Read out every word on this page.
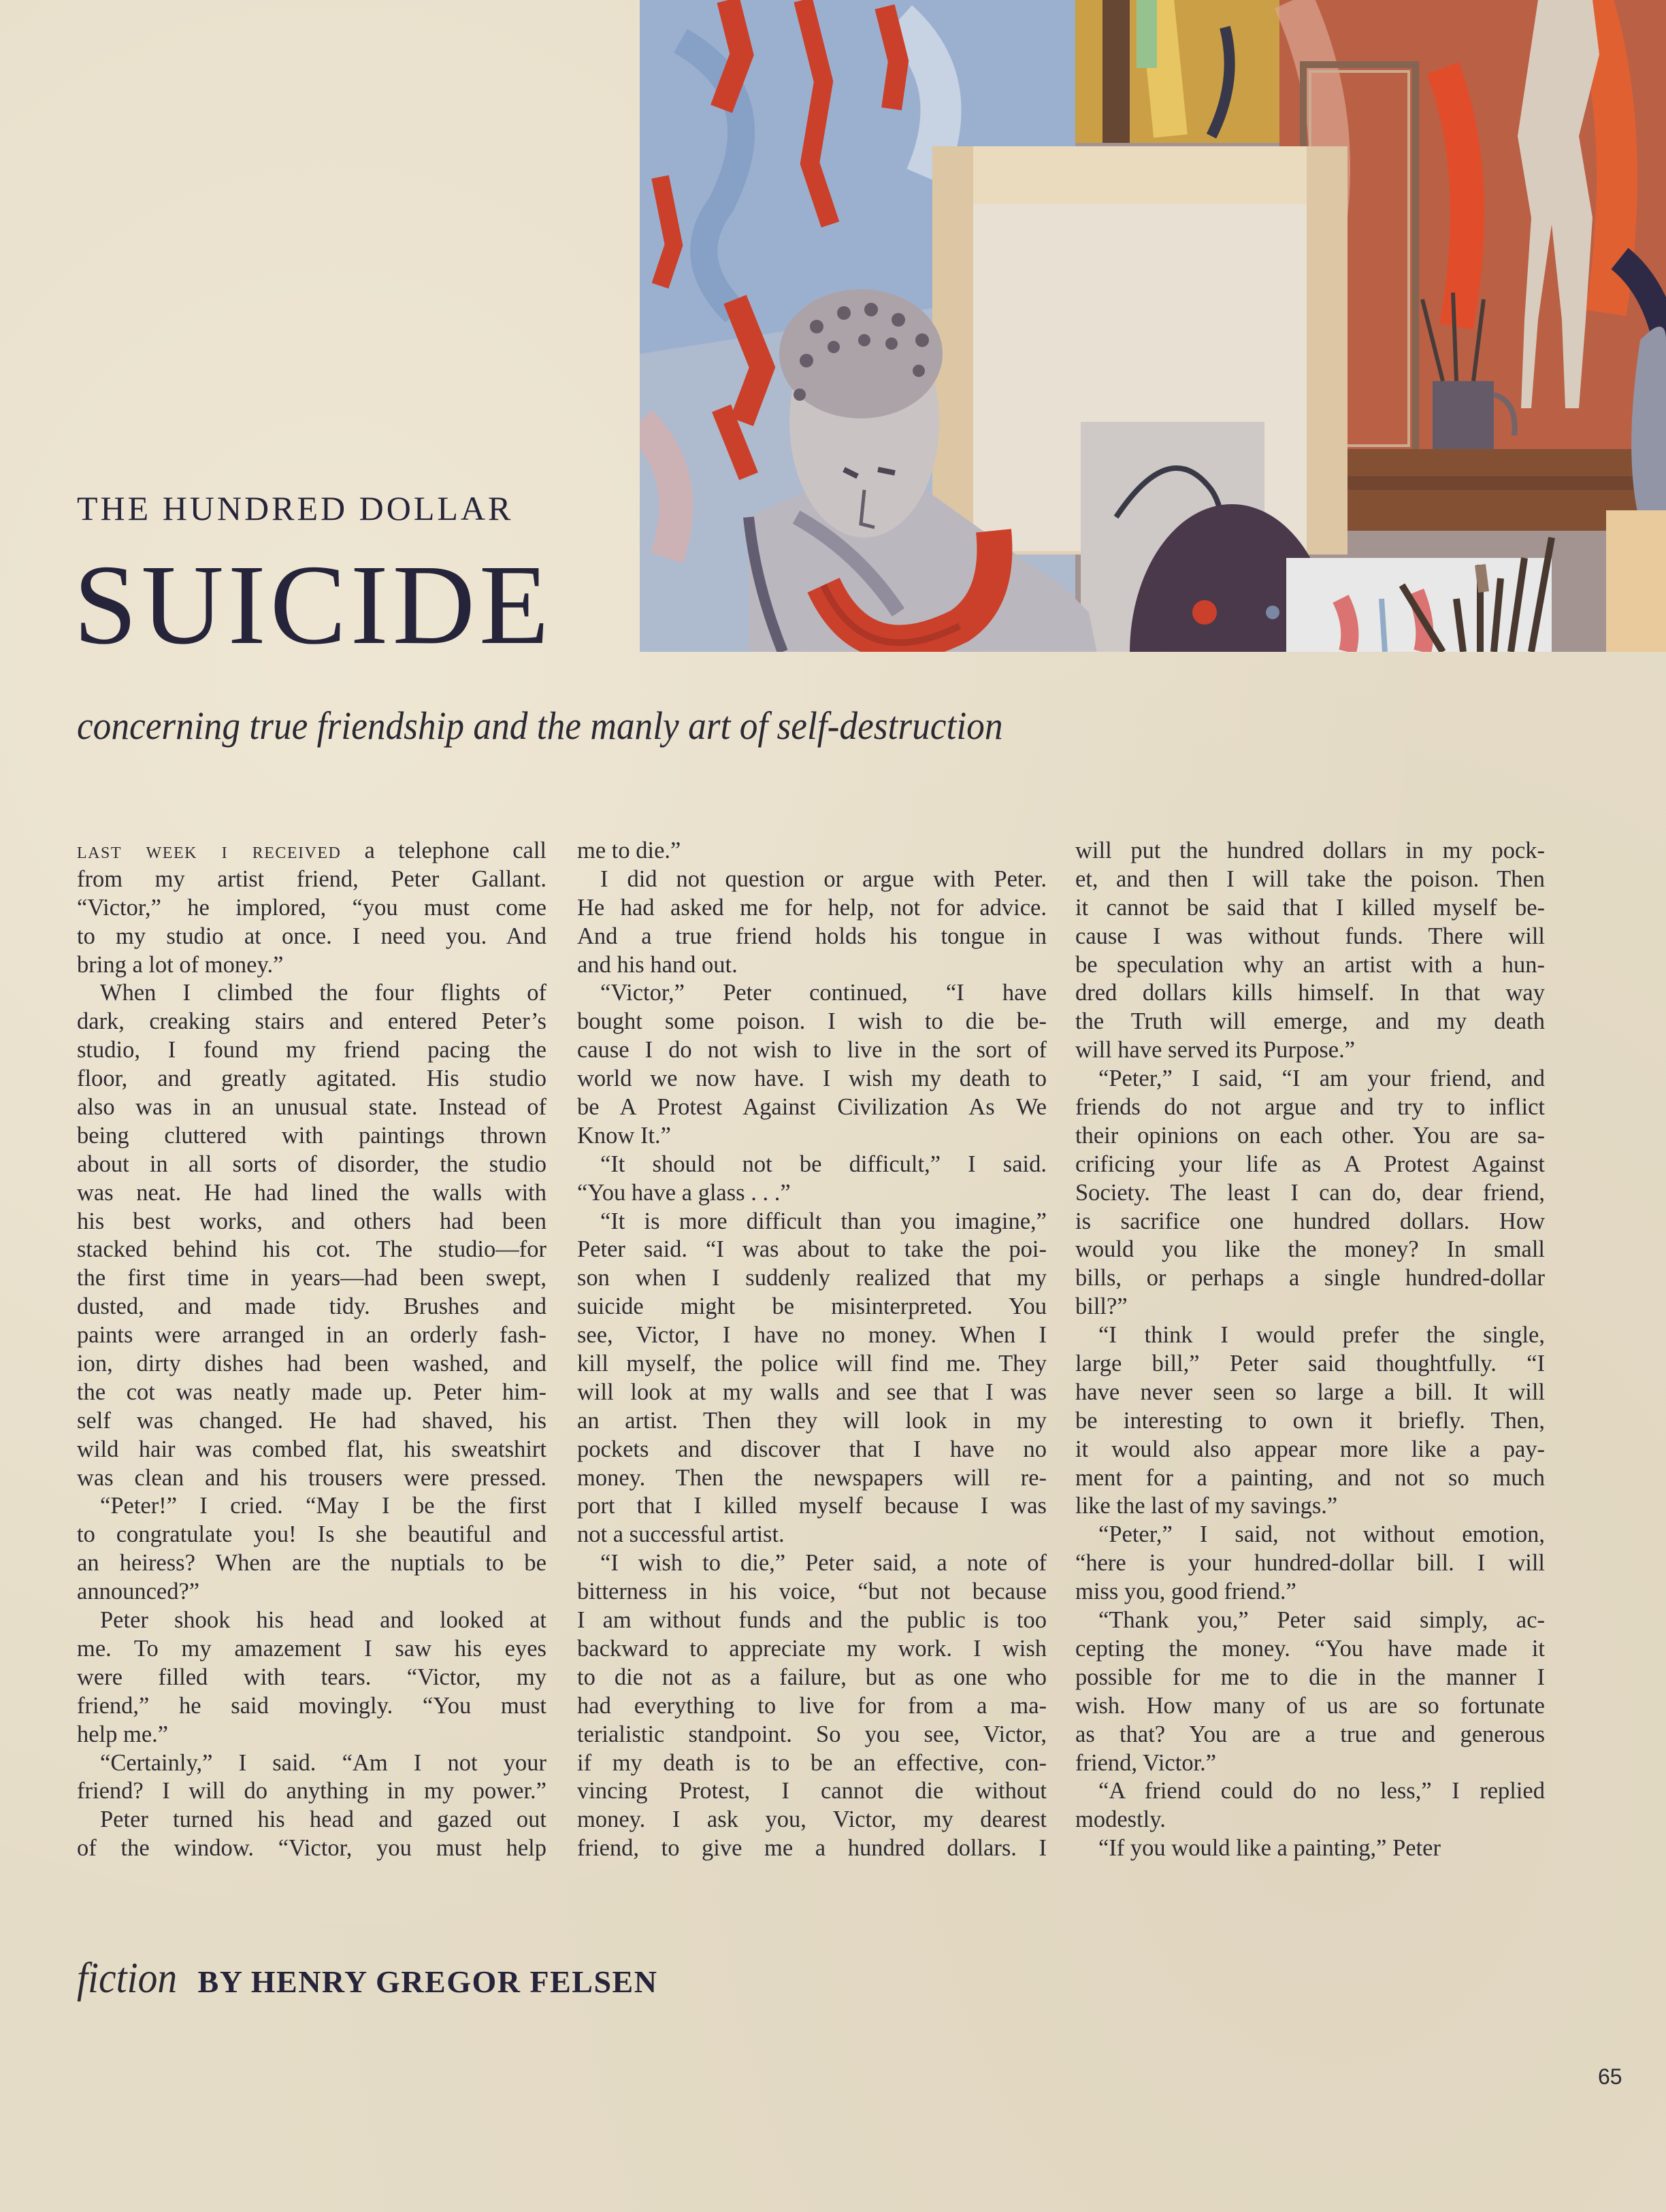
THE HUNDRED DOLLAR
SUICIDE
concerning true friendship and the manly art of self-destruction
last week i received a telephone call
from my artist friend, Peter Gallant.
“Victor,” he implored, “you must come
to my studio at once. I need you. And
bring a lot of money.”
When I climbed the four flights of
dark, creaking stairs and entered Peter’s
studio, I found my friend pacing the
floor, and greatly agitated. His studio
also was in an unusual state. Instead of
being cluttered with paintings thrown
about in all sorts of disorder, the studio
was neat. He had lined the walls with
his best works, and others had been
stacked behind his cot. The studio—for
the first time in years—had been swept,
dusted, and made tidy. Brushes and
paints were arranged in an orderly fash-
ion, dirty dishes had been washed, and
the cot was neatly made up. Peter him-
self was changed. He had shaved, his
wild hair was combed flat, his sweatshirt
was clean and his trousers were pressed.
“Peter!” I cried. “May I be the first
to congratulate you! Is she beautiful and
an heiress? When are the nuptials to be
announced?”
Peter shook his head and looked at
me. To my amazement I saw his eyes
were filled with tears. “Victor, my
friend,” he said movingly. “You must
help me.”
“Certainly,” I said. “Am I not your
friend? I will do anything in my power.”
Peter turned his head and gazed out
of the window. “Victor, you must help
me to die.”
I did not question or argue with Peter.
He had asked me for help, not for advice.
And a true friend holds his tongue in
and his hand out.
“Victor,” Peter continued, “I have
bought some poison. I wish to die be-
cause I do not wish to live in the sort of
world we now have. I wish my death to
be A Protest Against Civilization As We
Know It.”
“It should not be difficult,” I said.
“You have a glass . . .”
“It is more difficult than you imagine,”
Peter said. “I was about to take the poi-
son when I suddenly realized that my
suicide might be misinterpreted. You
see, Victor, I have no money. When I
kill myself, the police will find me. They
will look at my walls and see that I was
an artist. Then they will look in my
pockets and discover that I have no
money. Then the newspapers will re-
port that I killed myself because I was
not a successful artist.
“I wish to die,” Peter said, a note of
bitterness in his voice, “but not because
I am without funds and the public is too
backward to appreciate my work. I wish
to die not as a failure, but as one who
had everything to live for from a ma-
terialistic standpoint. So you see, Victor,
if my death is to be an effective, con-
vincing Protest, I cannot die without
money. I ask you, Victor, my dearest
friend, to give me a hundred dollars. I
will put the hundred dollars in my pock-
et, and then I will take the poison. Then
it cannot be said that I killed myself be-
cause I was without funds. There will
be speculation why an artist with a hun-
dred dollars kills himself. In that way
the Truth will emerge, and my death
will have served its Purpose.”
“Peter,” I said, “I am your friend, and
friends do not argue and try to inflict
their opinions on each other. You are sa-
crificing your life as A Protest Against
Society. The least I can do, dear friend,
is sacrifice one hundred dollars. How
would you like the money? In small
bills, or perhaps a single hundred-dollar
bill?”
“I think I would prefer the single,
large bill,” Peter said thoughtfully. “I
have never seen so large a bill. It will
be interesting to own it briefly. Then,
it would also appear more like a pay-
ment for a painting, and not so much
like the last of my savings.”
“Peter,” I said, not without emotion,
“here is your hundred-dollar bill. I will
miss you, good friend.”
“Thank you,” Peter said simply, ac-
cepting the money. “You have made it
possible for me to die in the manner I
wish. How many of us are so fortunate
as that? You are a true and generous
friend, Victor.”
“A friend could do no less,” I replied
modestly.
“If you would like a painting,” Peter
fiction BY HENRY GREGOR FELSEN
65
